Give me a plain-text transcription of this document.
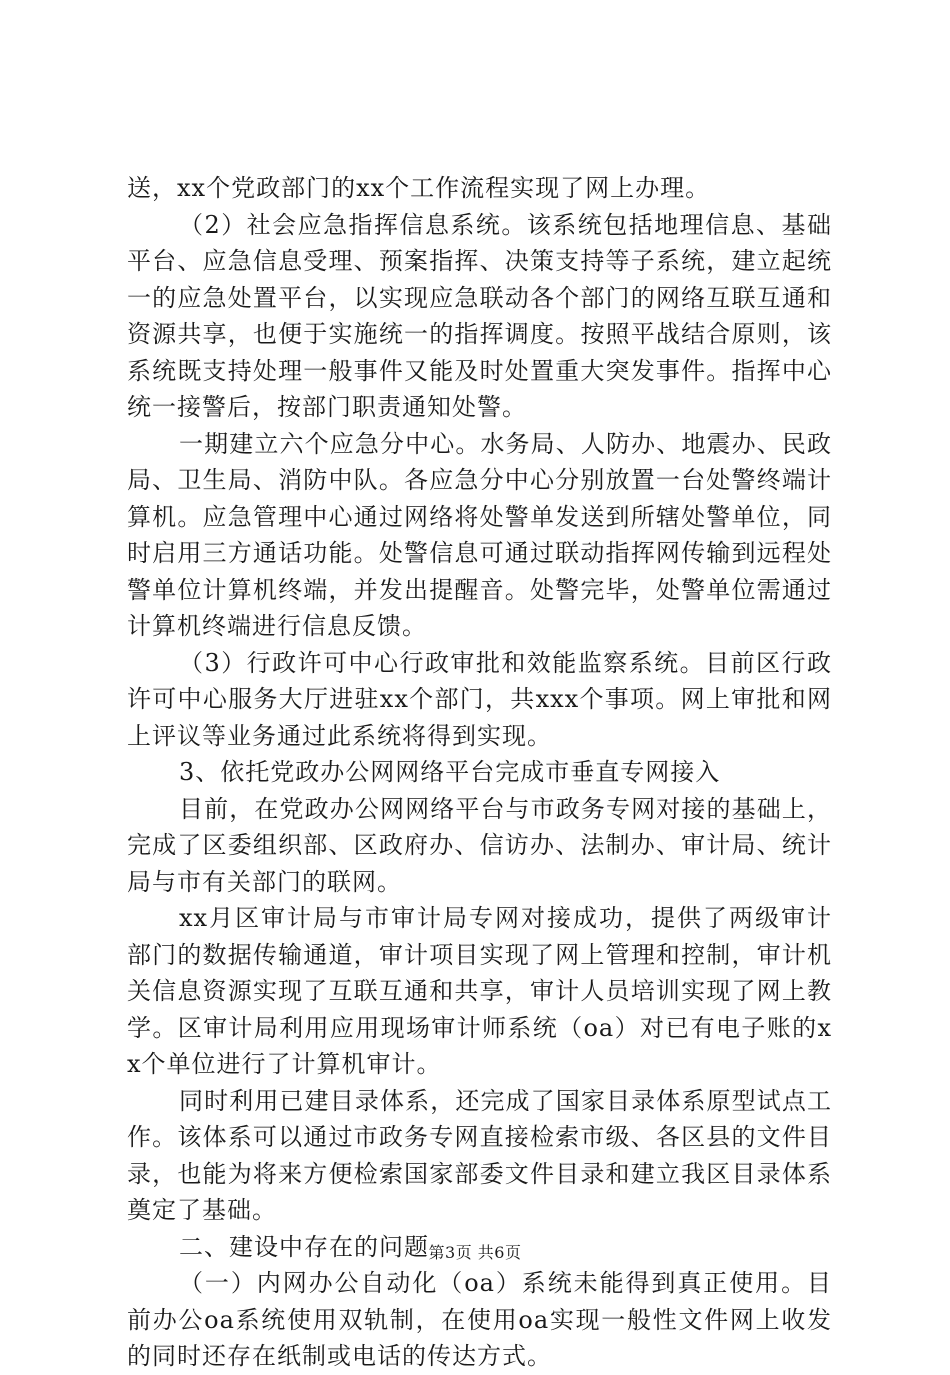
送，xx个党政部门的xx个工作流程实现了网上办理。

（2）社会应急指挥信息系统。该系统包括地理信息、基础平台、应急信息受理、预案指挥、决策支持等子系统，建立起统一的应急处置平台，以实现应急联动各个部门的网络互联互通和资源共享，也便于实施统一的指挥调度。按照平战结合原则，该系统既支持处理一般事件又能及时处置重大突发事件。指挥中心统一接警后，按部门职责通知处警。

一期建立六个应急分中心。水务局、人防办、地震办、民政局、卫生局、消防中队。各应急分中心分别放置一台处警终端计算机。应急管理中心通过网络将处警单发送到所辖处警单位，同时启用三方通话功能。处警信息可通过联动指挥网传输到远程处警单位计算机终端，并发出提醒音。处警完毕，处警单位需通过计算机终端进行信息反馈。

（3）行政许可中心行政审批和效能监察系统。目前区行政许可中心服务大厅进驻xx个部门，共xxx个事项。网上审批和网上评议等业务通过此系统将得到实现。

3、依托党政办公网网络平台完成市垂直专网接入

目前，在党政办公网网络平台与市政务专网对接的基础上，完成了区委组织部、区政府办、信访办、法制办、审计局、统计局与市有关部门的联网。

xx月区审计局与市审计局专网对接成功，提供了两级审计部门的数据传输通道，审计项目实现了网上管理和控制，审计机关信息资源实现了互联互通和共享，审计人员培训实现了网上教学。区审计局利用应用现场审计师系统（oa）对已有电子账的xx个单位进行了计算机审计。

同时利用已建目录体系，还完成了国家目录体系原型试点工作。该体系可以通过市政务专网直接检索市级、各区县的文件目录，也能为将来方便检索国家部委文件目录和建立我区目录体系奠定了基础。

二、建设中存在的问题

（一）内网办公自动化（oa）系统未能得到真正使用。目前办公oa系统使用双轨制，在使用oa实现一般性文件网上收发的同时还存在纸制或电话的传达方式。

第3页 共6页
